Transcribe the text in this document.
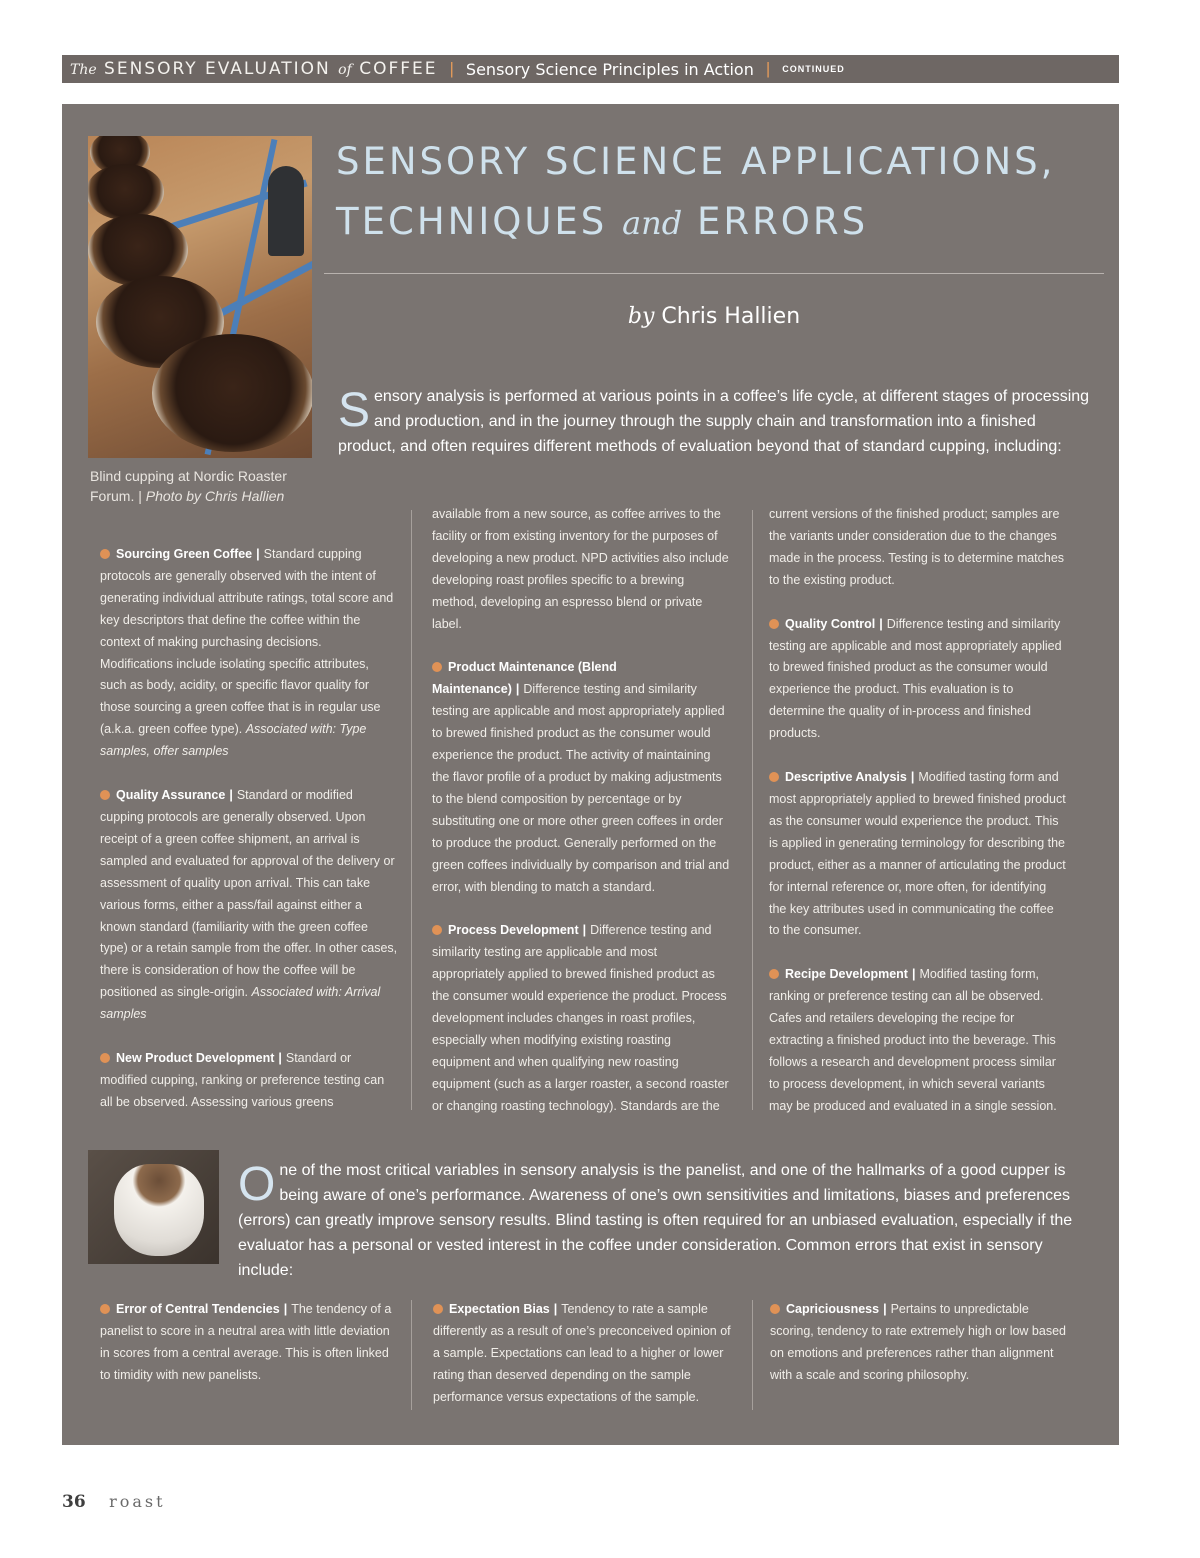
The SENSORY EVALUATION of COFFEE | Sensory Science Principles in Action | CONTINUED
Blind cupping at Nordic Roaster Forum. | Photo by Chris Hallien
SENSORY SCIENCE APPLICATIONS,
TECHNIQUES and ERRORS
by Chris Hallien

Sensory analysis is performed at various points in a coffee’s life cycle, at different stages of processing and production, and in the journey through the supply chain and transformation into a finished product, and often requires different methods of evaluation beyond that of standard cupping, including:

Sourcing Green Coffee | Standard cupping protocols are generally observed with the intent of generating individual attribute ratings, total score and key descriptors that define the coffee within the context of making purchasing decisions. Modifications include isolating specific attributes, such as body, acidity, or specific flavor quality for those sourcing a green coffee that is in regular use (a.k.a. green coffee type). Associated with: Type samples, offer samples

Quality Assurance | Standard or modified cupping protocols are generally observed. Upon receipt of a green coffee shipment, an arrival is sampled and evaluated for approval of the delivery or assessment of quality upon arrival. This can take various forms, either a pass/fail against either a known standard (familiarity with the green coffee type) or a retain sample from the offer. In other cases, there is consideration of how the coffee will be positioned as single-origin. Associated with: Arrival samples

New Product Development | Standard or modified cupping, ranking or preference testing can all be observed. Assessing various greens

available from a new source, as coffee arrives to the facility or from existing inventory for the purposes of developing a new product. NPD activities also include developing roast profiles specific to a brewing method, developing an espresso blend or private label.

Product Maintenance (Blend Maintenance) | Difference testing and similarity testing are applicable and most appropriately applied to brewed finished product as the consumer would experience the product. The activity of maintaining the flavor profile of a product by making adjustments to the blend composition by percentage or by substituting one or more other green coffees in order to produce the product. Generally performed on the green coffees individually by comparison and trial and error, with blending to match a standard.

Process Development | Difference testing and similarity testing are applicable and most appropriately applied to brewed finished product as the consumer would experience the product. Process development includes changes in roast profiles, especially when modifying existing roasting equipment and when qualifying new roasting equipment (such as a larger roaster, a second roaster or changing roasting technology). Standards are the

current versions of the finished product; samples are the variants under consideration due to the changes made in the process. Testing is to determine matches to the existing product.

Quality Control | Difference testing and similarity testing are applicable and most appropriately applied to brewed finished product as the consumer would experience the product. This evaluation is to determine the quality of in-process and finished products.

Descriptive Analysis | Modified tasting form and most appropriately applied to brewed finished product as the consumer would experience the product. This is applied in generating terminology for describing the product, either as a manner of articulating the product for internal reference or, more often, for identifying the key attributes used in communicating the coffee to the consumer.

Recipe Development | Modified tasting form, ranking or preference testing can all be observed. Cafes and retailers developing the recipe for extracting a finished product into the beverage. This follows a research and development process similar to process development, in which several variants may be produced and evaluated in a single session.

One of the most critical variables in sensory analysis is the panelist, and one of the hallmarks of a good cupper is being aware of one’s performance. Awareness of one’s own sensitivities and limitations, biases and preferences (errors) can greatly improve sensory results. Blind tasting is often required for an unbiased evaluation, especially if the evaluator has a personal or vested interest in the coffee under consideration. Common errors that exist in sensory include:

Error of Central Tendencies | The tendency of a panelist to score in a neutral area with little deviation in scores from a central average. This is often linked to timidity with new panelists.

Expectation Bias | Tendency to rate a sample differently as a result of one’s preconceived opinion of a sample. Expectations can lead to a higher or lower rating than deserved depending on the sample performance versus expectations of the sample.

Capriciousness | Pertains to unpredictable scoring, tendency to rate extremely high or low based on emotions and preferences rather than alignment with a scale and scoring philosophy.

36 roast
